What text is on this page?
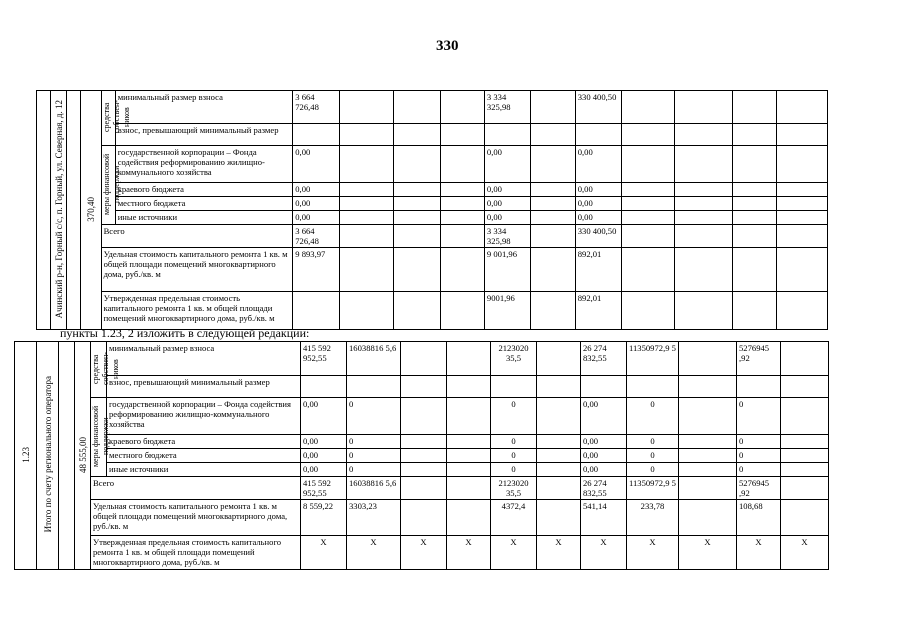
330
	Ачинский р-н, Горный с/с, п. Горный, ул. Северная, д. 12		370,40	средства собствен-ников	минимальный размер взноса	3 664 726,48				3 334 325,98		330 400,50				
					взнос, превышающий минимальный размер											
				меры финансовой поддержки	государственной корпорации – Фонда содействия реформированию жилищно-коммунального хозяйства	0,00				0,00		0,00				
					краевого бюджета	0,00				0,00		0,00				
					местного бюджета	0,00				0,00		0,00				
					иные источники	0,00				0,00		0,00				
				Всего		3 664 726,48				3 334 325,98		330 400,50				
				Удельная стоимость капитального ремонта 1 кв. м общей площади помещений многоквартирного дома, руб./кв. м		9 893,97				9 001,96		892,01				
				Утвержденная предельная стоимость капитального ремонта 1 кв. м общей площади помещений многоквартирного дома, руб./кв. м						9001,96		892,01				
пункты 1.23, 2 изложить в следующей редакции:
1.23	Итого по счету регионального оператора		48 555,00	средства собствен-ников	минимальный размер взноса	415 592 952,55	16038816 5,6			2123020 35,5		26 274 832,55	11350972,9 5		5276945 ,92	
					взнос, превышающий минимальный размер											
				меры финансовой поддержки	государственной корпорации – Фонда содействия реформированию жилищно-коммунального хозяйства	0,00	0			0		0,00	0		0	
					краевого бюджета	0,00	0			0		0,00	0		0	
					местного бюджета	0,00	0			0		0,00	0		0	
					иные источники	0,00	0			0		0,00	0		0	
				Всего		415 592 952,55	16038816 5,6			2123020 35,5		26 274 832,55	11350972,9 5		5276945 ,92	
				Удельная стоимость капитального ремонта 1 кв. м общей площади помещений многоквартирного дома, руб./кв. м		8 559,22	3303,23			4372,4		541,14	233,78		108,68	
				Утвержденная предельная стоимость капитального ремонта 1 кв. м общей площади помещений многоквартирного дома, руб./кв. м		X	X	X	X	X	X	X	X	X	X	X
